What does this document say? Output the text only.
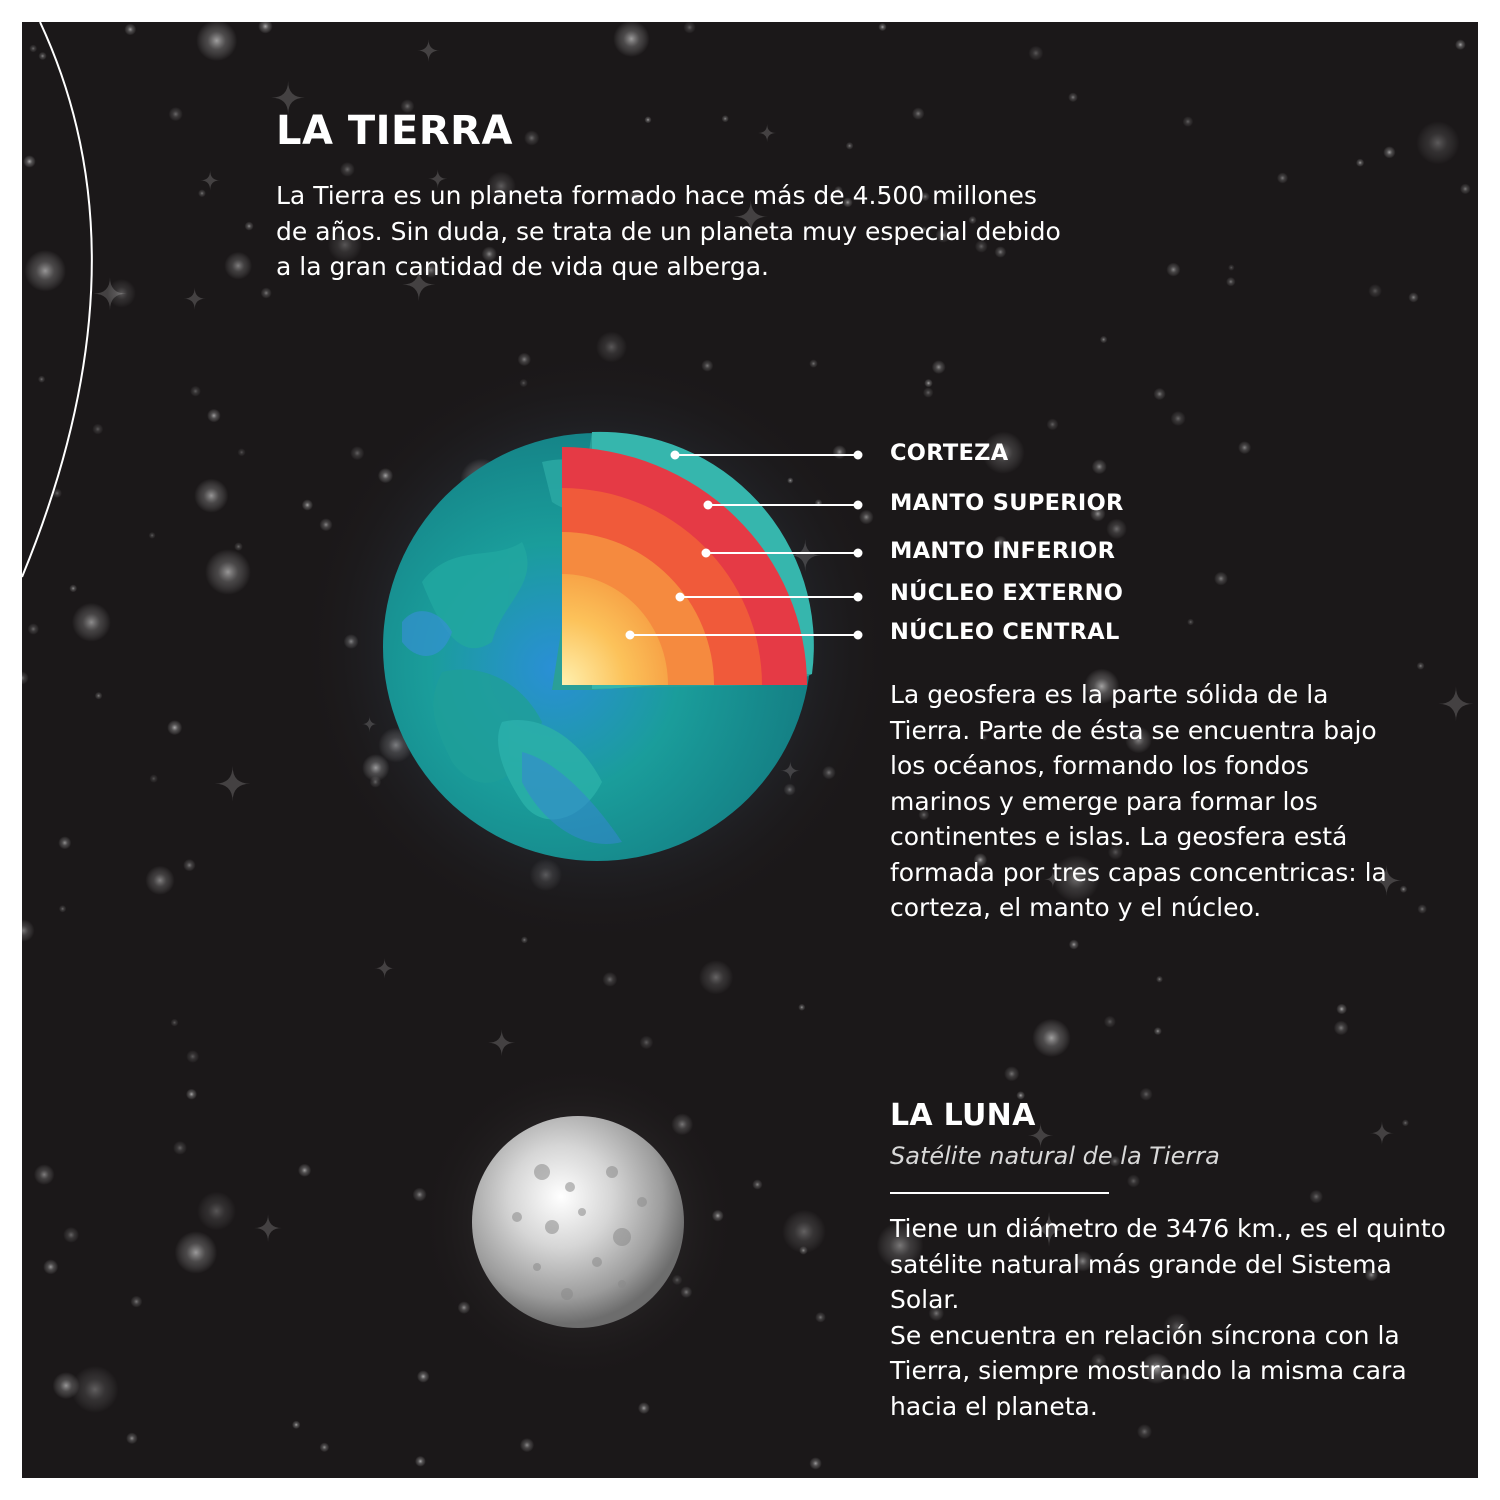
LA TIERRA

La Tierra es un planeta formado hace más de 4.500 millones de años. Sin duda, se trata de un planeta muy especial debido a la gran cantidad de vida que alberga.

CORTEZA
MANTO SUPERIOR
MANTO INFERIOR
NÚCLEO EXTERNO
NÚCLEO CENTRAL

La geosfera es la parte sólida de la Tierra. Parte de ésta se encuentra bajo los océanos, formando los fondos marinos y emerge para formar los continentes e islas. La geosfera está formada por tres capas concentricas: la corteza, el manto y el núcleo.

LA LUNA
Satélite natural de la Tierra
Tiene un diámetro de 3476 km., es el quinto satélite natural más grande del Sistema Solar.
Se encuentra en relación síncrona con la Tierra, siempre mostrando la misma cara hacia el planeta.
